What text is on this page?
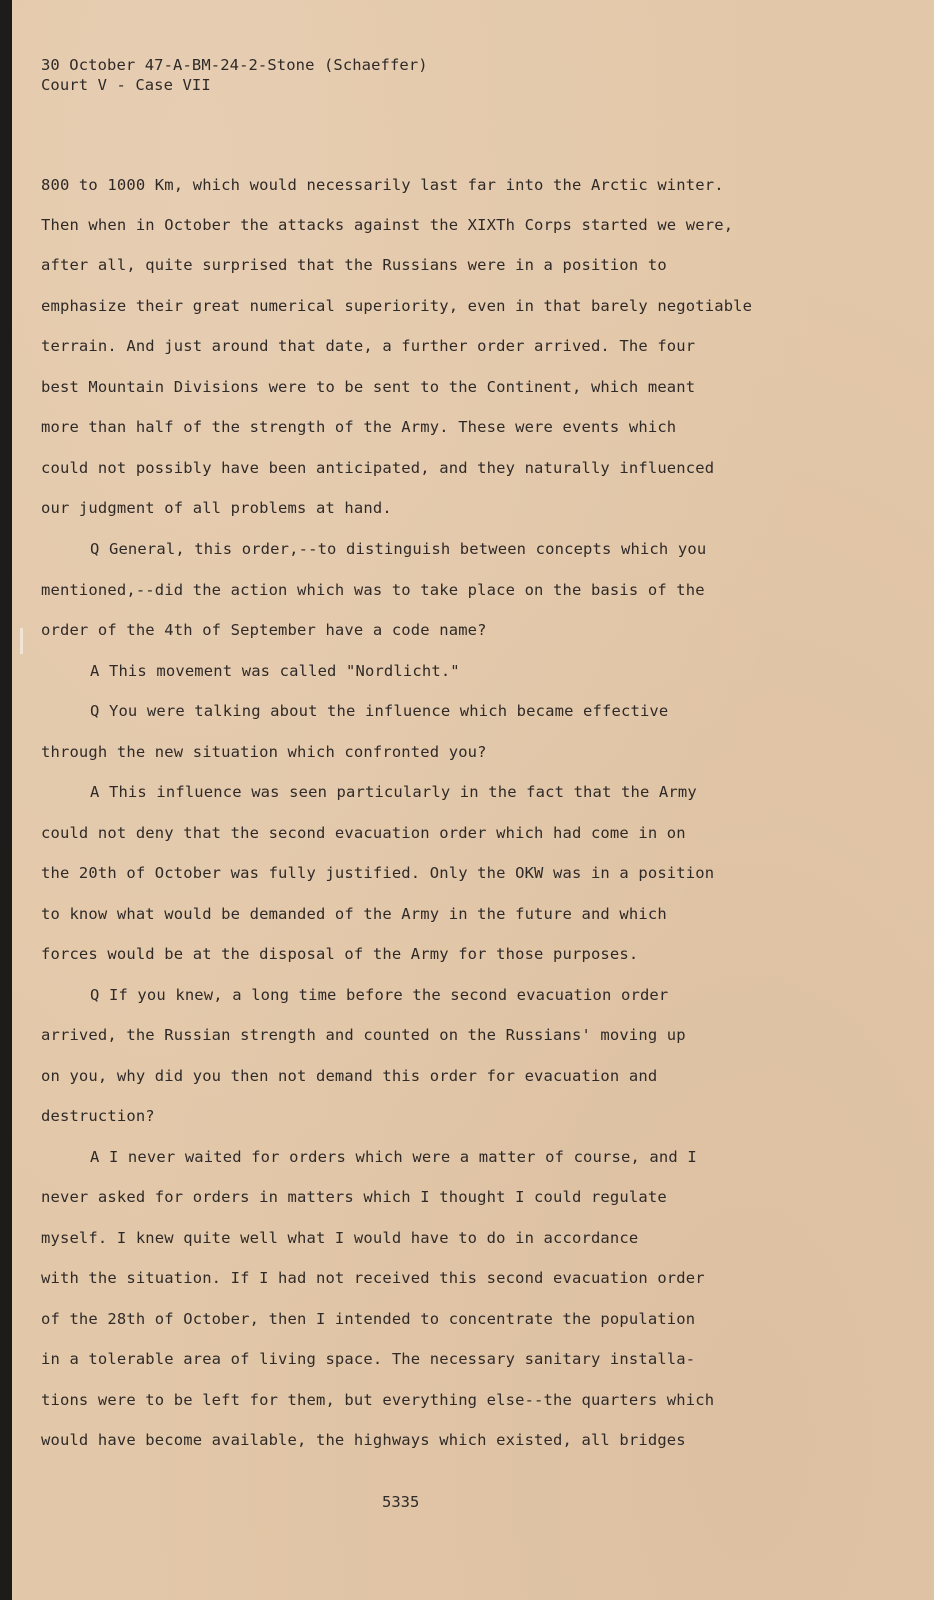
30 October 47-A-BM-24-2-Stone (Schaeffer)
Court V - Case VII
800 to 1000 Km, which would necessarily last far into the Arctic winter.
Then when in October the attacks against the XIXTh Corps started we were,
after all, quite surprised that the Russians were in a position to
emphasize their great numerical superiority, even in that barely negotiable
terrain. And just around that date, a further order arrived. The four
best Mountain Divisions were to be sent to the Continent, which meant
more than half of the strength of the Army. These were events which
could not possibly have been anticipated, and they naturally influenced
our judgment of all problems at hand.
Q General, this order,--to distinguish between concepts which you
mentioned,--did the action which was to take place on the basis of the
order of the 4th of September have a code name?
A This movement was called "Nordlicht."
Q You were talking about the influence which became effective
through the new situation which confronted you?
A This influence was seen particularly in the fact that the Army
could not deny that the second evacuation order which had come in on
the 20th of October was fully justified. Only the OKW was in a position
to know what would be demanded of the Army in the future and which
forces would be at the disposal of the Army for those purposes.
Q If you knew, a long time before the second evacuation order
arrived, the Russian strength and counted on the Russians' moving up
on you, why did you then not demand this order for evacuation and
destruction?
A I never waited for orders which were a matter of course, and I
never asked for orders in matters which I thought I could regulate
myself. I knew quite well what I would have to do in accordance
with the situation. If I had not received this second evacuation order
of the 28th of October, then I intended to concentrate the population
in a tolerable area of living space. The necessary sanitary installa-
tions were to be left for them, but everything else--the quarters which
would have become available, the highways which existed, all bridges
5335
